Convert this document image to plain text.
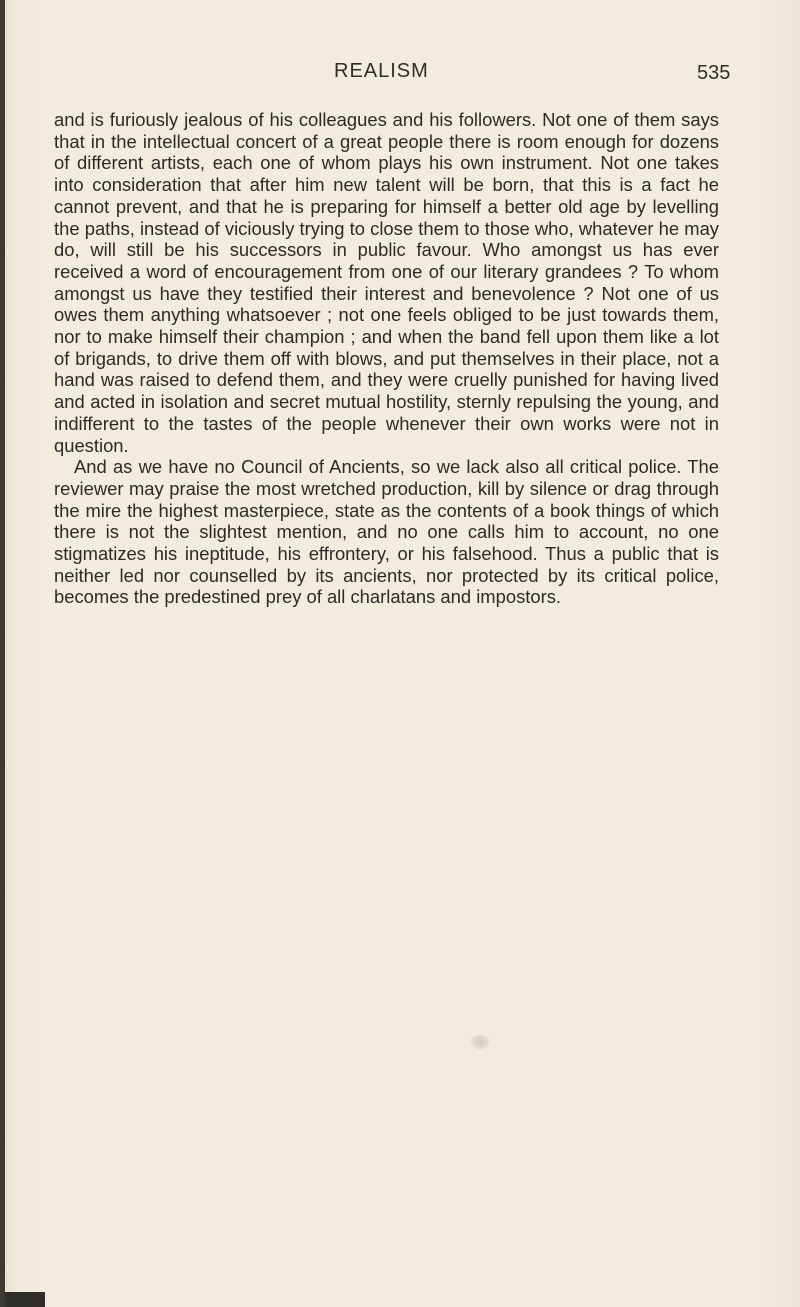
REALISM	535

and is furiously jealous of his colleagues and his followers. Not one of them says that in the intellectual concert of a great people there is room enough for dozens of different artists, each one of whom plays his own instrument. Not one takes into consideration that after him new talent will be born, that this is a fact he cannot prevent, and that he is preparing for himself a better old age by levelling the paths, instead of viciously trying to close them to those who, whatever he may do, will still be his successors in public favour. Who amongst us has ever received a word of encouragement from one of our literary grandees ? To whom amongst us have they testified their interest and benevolence ? Not one of us owes them anything whatsoever ; not one feels obliged to be just towards them, nor to make himself their champion ; and when the band fell upon them like a lot of brigands, to drive them off with blows, and put themselves in their place, not a hand was raised to defend them, and they were cruelly punished for having lived and acted in isolation and secret mutual hostility, sternly repulsing the young, and indifferent to the tastes of the people whenever their own works were not in question.

And as we have no Council of Ancients, so we lack also all critical police. The reviewer may praise the most wretched production, kill by silence or drag through the mire the highest masterpiece, state as the contents of a book things of which there is not the slightest mention, and no one calls him to account, no one stigmatizes his ineptitude, his effrontery, or his falsehood. Thus a public that is neither led nor counselled by its ancients, nor protected by its critical police, becomes the predestined prey of all charlatans and impostors.
